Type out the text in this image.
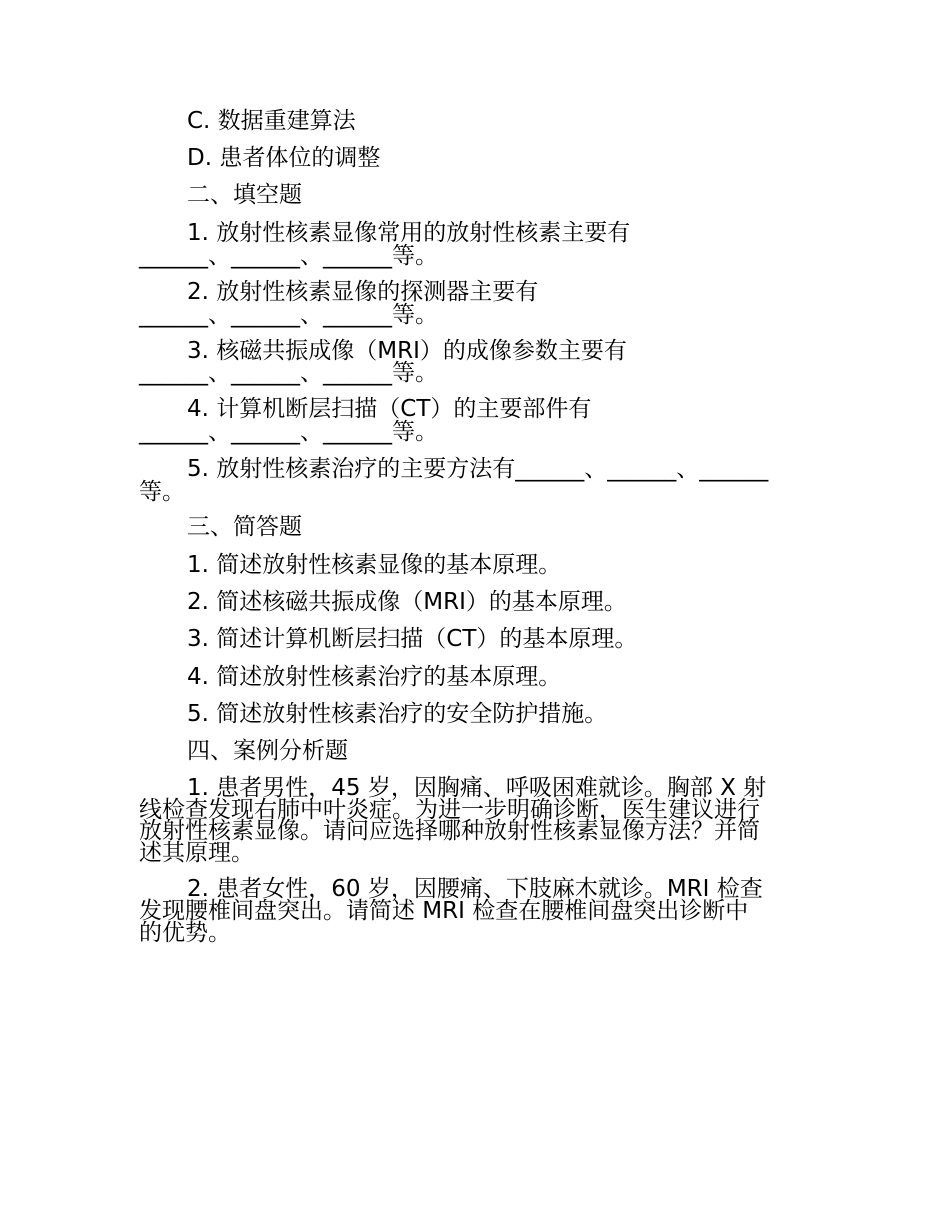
C. 数据重建算法
D. 患者体位的调整
二、填空题
1. 放射性核素显像常用的放射性核素主要有
______、______、______等。
2. 放射性核素显像的探测器主要有
______、______、______等。
3. 核磁共振成像（MRI）的成像参数主要有
______、______、______等。
4. 计算机断层扫描（CT）的主要部件有
______、______、______等。
5. 放射性核素治疗的主要方法有______、______、______
等。
三、简答题
1. 简述放射性核素显像的基本原理。
2. 简述核磁共振成像（MRI）的基本原理。
3. 简述计算机断层扫描（CT）的基本原理。
4. 简述放射性核素治疗的基本原理。
5. 简述放射性核素治疗的安全防护措施。
四、案例分析题
1. 患者男性，45 岁，因胸痛、呼吸困难就诊。胸部 X 射
线检查发现右肺中叶炎症。为进一步明确诊断，医生建议进行
放射性核素显像。请问应选择哪种放射性核素显像方法？并简
述其原理。
2. 患者女性，60 岁，因腰痛、下肢麻木就诊。MRI 检查
发现腰椎间盘突出。请简述 MRI 检查在腰椎间盘突出诊断中
的优势。
